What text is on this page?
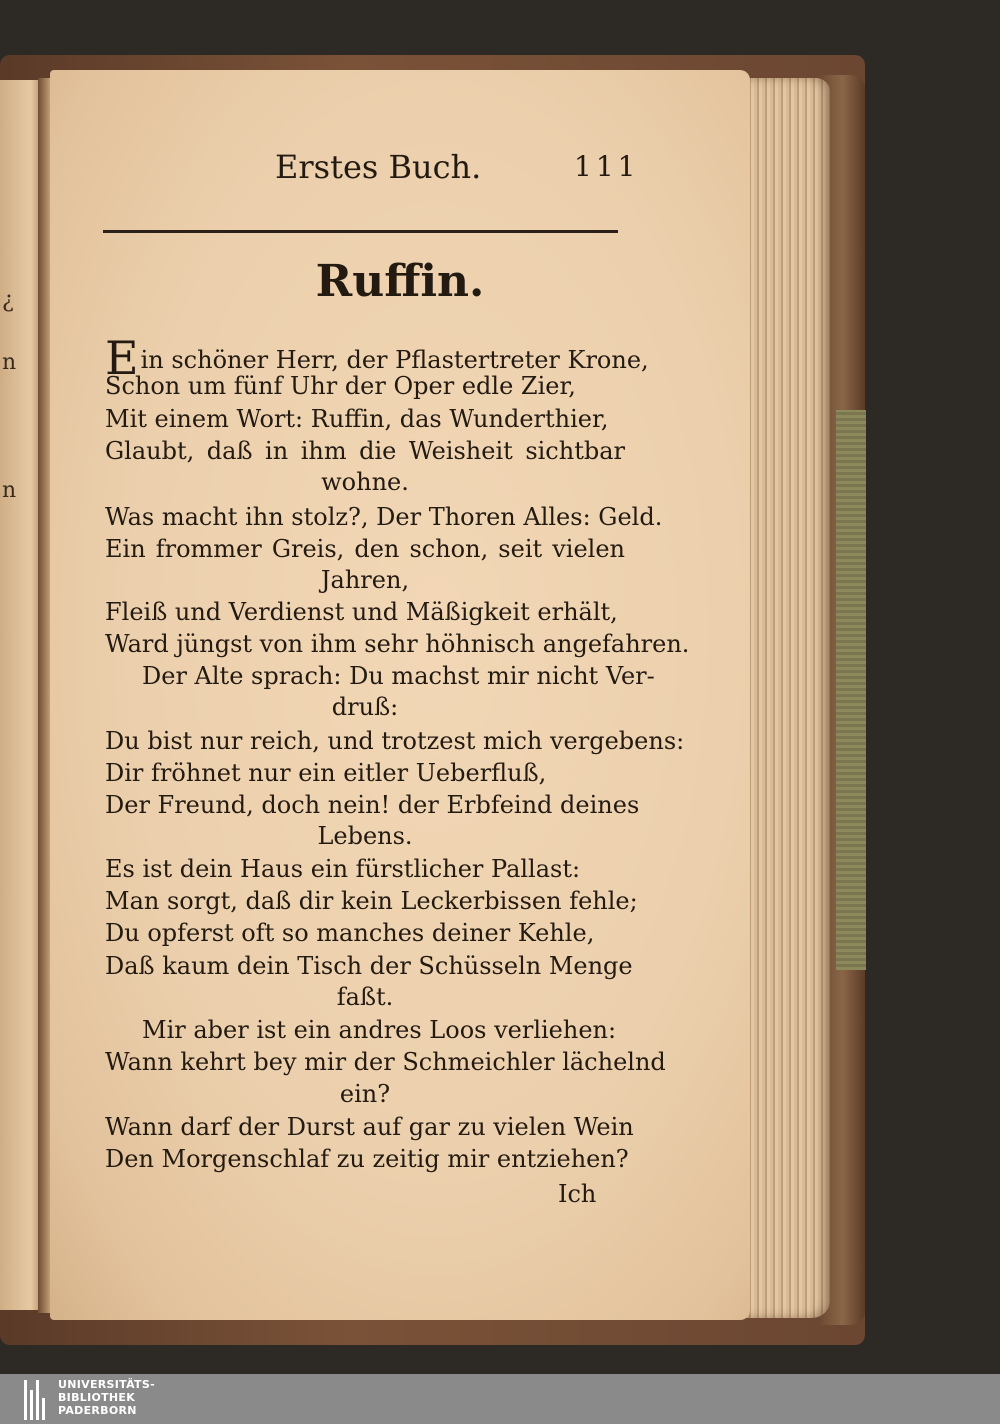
¿
n
n
Erstes Buch.	111
Ruffin.
Ein schöner Herr, der Pflastertreter Krone,
Schon um fünf Uhr der Oper edle Zier,
Mit einem Wort: Ruffin, das Wunderthier,
Glaubt, daß in ihm die Weisheit sichtbar
wohne.
Was macht ihn stolz?, Der Thoren Alles: Geld.
Ein frommer Greis, den schon, seit vielen
Jahren,
Fleiß und Verdienst und Mäßigkeit erhält,
Ward jüngst von ihm sehr höhnisch angefahren.
Der Alte sprach: Du machst mir nicht Ver-
druß:
Du bist nur reich, und trotzest mich vergebens:
Dir fröhnet nur ein eitler Ueberfluß,
Der Freund, doch nein! der Erbfeind deines
Lebens.
Es ist dein Haus ein fürstlicher Pallast:
Man sorgt, daß dir kein Leckerbissen fehle;
Du opferst oft so manches deiner Kehle,
Daß kaum dein Tisch der Schüsseln Menge
faßt.
Mir aber ist ein andres Loos verliehen:
Wann kehrt bey mir der Schmeichler lächelnd
ein?
Wann darf der Durst auf gar zu vielen Wein
Den Morgenschlaf zu zeitig mir entziehen?
Ich
UNIVERSITÄTS-
BIBLIOTHEK
PADERBORN
